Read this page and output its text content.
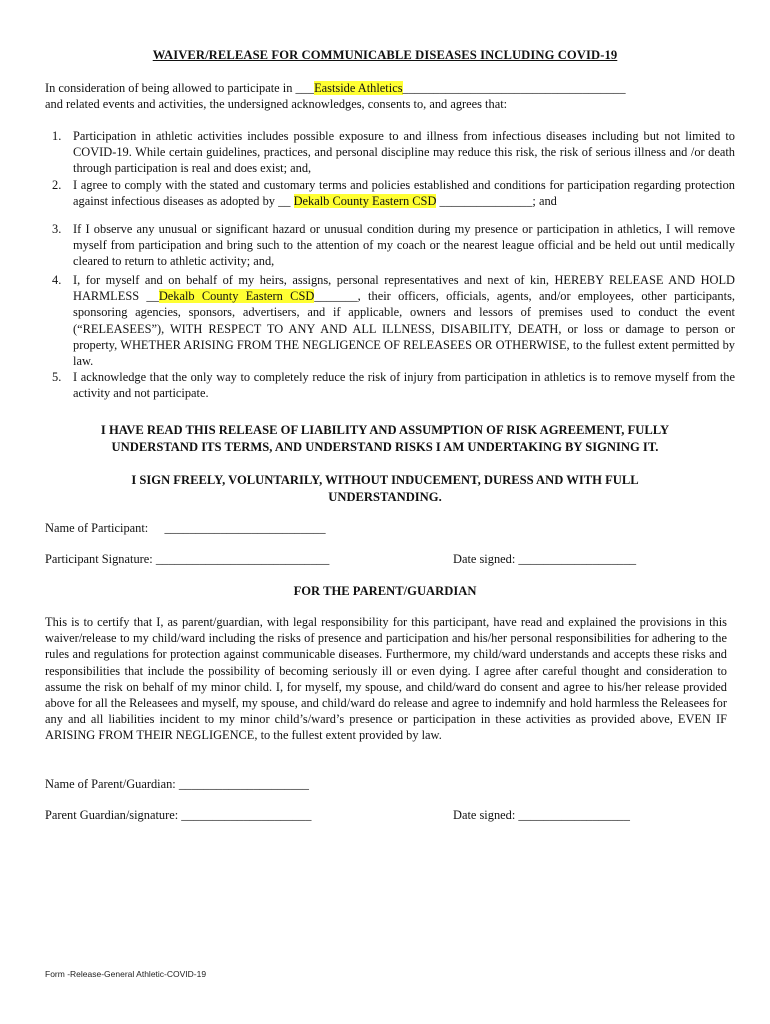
WAIVER/RELEASE FOR COMMUNICABLE DISEASES INCLUDING COVID-19
In consideration of being allowed to participate in ___Eastside Athletics____________________________________
and related events and activities, the undersigned acknowledges, consents to, and agrees that:
1. Participation in athletic activities includes possible exposure to and illness from infectious diseases including but not limited to COVID-19. While certain guidelines, practices, and personal discipline may reduce this risk, the risk of serious illness and /or death through participation is real and does exist; and,
2. I agree to comply with the stated and customary terms and policies established and conditions for participation regarding protection against infectious diseases as adopted by __ Dekalb County Eastern CSD _______________; and
3. If I observe any unusual or significant hazard or unusual condition during my presence or participation in athletics, I will remove myself from participation and bring such to the attention of my coach or the nearest league official and be held out until medically cleared to return to athletic activity; and,
4. I, for myself and on behalf of my heirs, assigns, personal representatives and next of kin, HEREBY RELEASE AND HOLD HARMLESS __Dekalb County Eastern CSD_______, their officers, officials, agents, and/or employees, other participants, sponsoring agencies, sponsors, advertisers, and if applicable, owners and lessors of premises used to conduct the event (“RELEASEES”), WITH RESPECT TO ANY AND ALL ILLNESS, DISABILITY, DEATH, or loss or damage to person or property, WHETHER ARISING FROM THE NEGLIGENCE OF RELEASEES OR OTHERWISE, to the fullest extent permitted by law.
5. I acknowledge that the only way to completely reduce the risk of injury from participation in athletics is to remove myself from the activity and not participate.
I HAVE READ THIS RELEASE OF LIABILITY AND ASSUMPTION OF RISK AGREEMENT, FULLY UNDERSTAND ITS TERMS, AND UNDERSTAND RISKS I AM UNDERTAKING BY SIGNING IT.
I SIGN FREELY, VOLUNTARILY, WITHOUT INDUCEMENT, DURESS AND WITH FULL UNDERSTANDING.
Name of Participant: __________________________
Participant Signature: ____________________________	Date signed: ___________________
FOR THE PARENT/GUARDIAN
This is to certify that I, as parent/guardian, with legal responsibility for this participant, have read and explained the provisions in this waiver/release to my child/ward including the risks of presence and participation and his/her personal responsibilities for adhering to the rules and regulations for protection against communicable diseases. Furthermore, my child/ward understands and accepts these risks and responsibilities that include the possibility of becoming seriously ill or even dying. I agree after careful thought and consideration to assume the risk on behalf of my minor child. I, for myself, my spouse, and child/ward do consent and agree to his/her release provided above for all the Releasees and myself, my spouse, and child/ward do release and agree to indemnify and hold harmless the Releasees for any and all liabilities incident to my minor child’s/ward’s presence or participation in these activities as provided above, EVEN IF ARISING FROM THEIR NEGLIGENCE, to the fullest extent provided by law.
Name of Parent/Guardian: _____________________
Parent Guardian/signature: _____________________	Date signed: __________________
Form -Release-General Athletic-COVID-19
